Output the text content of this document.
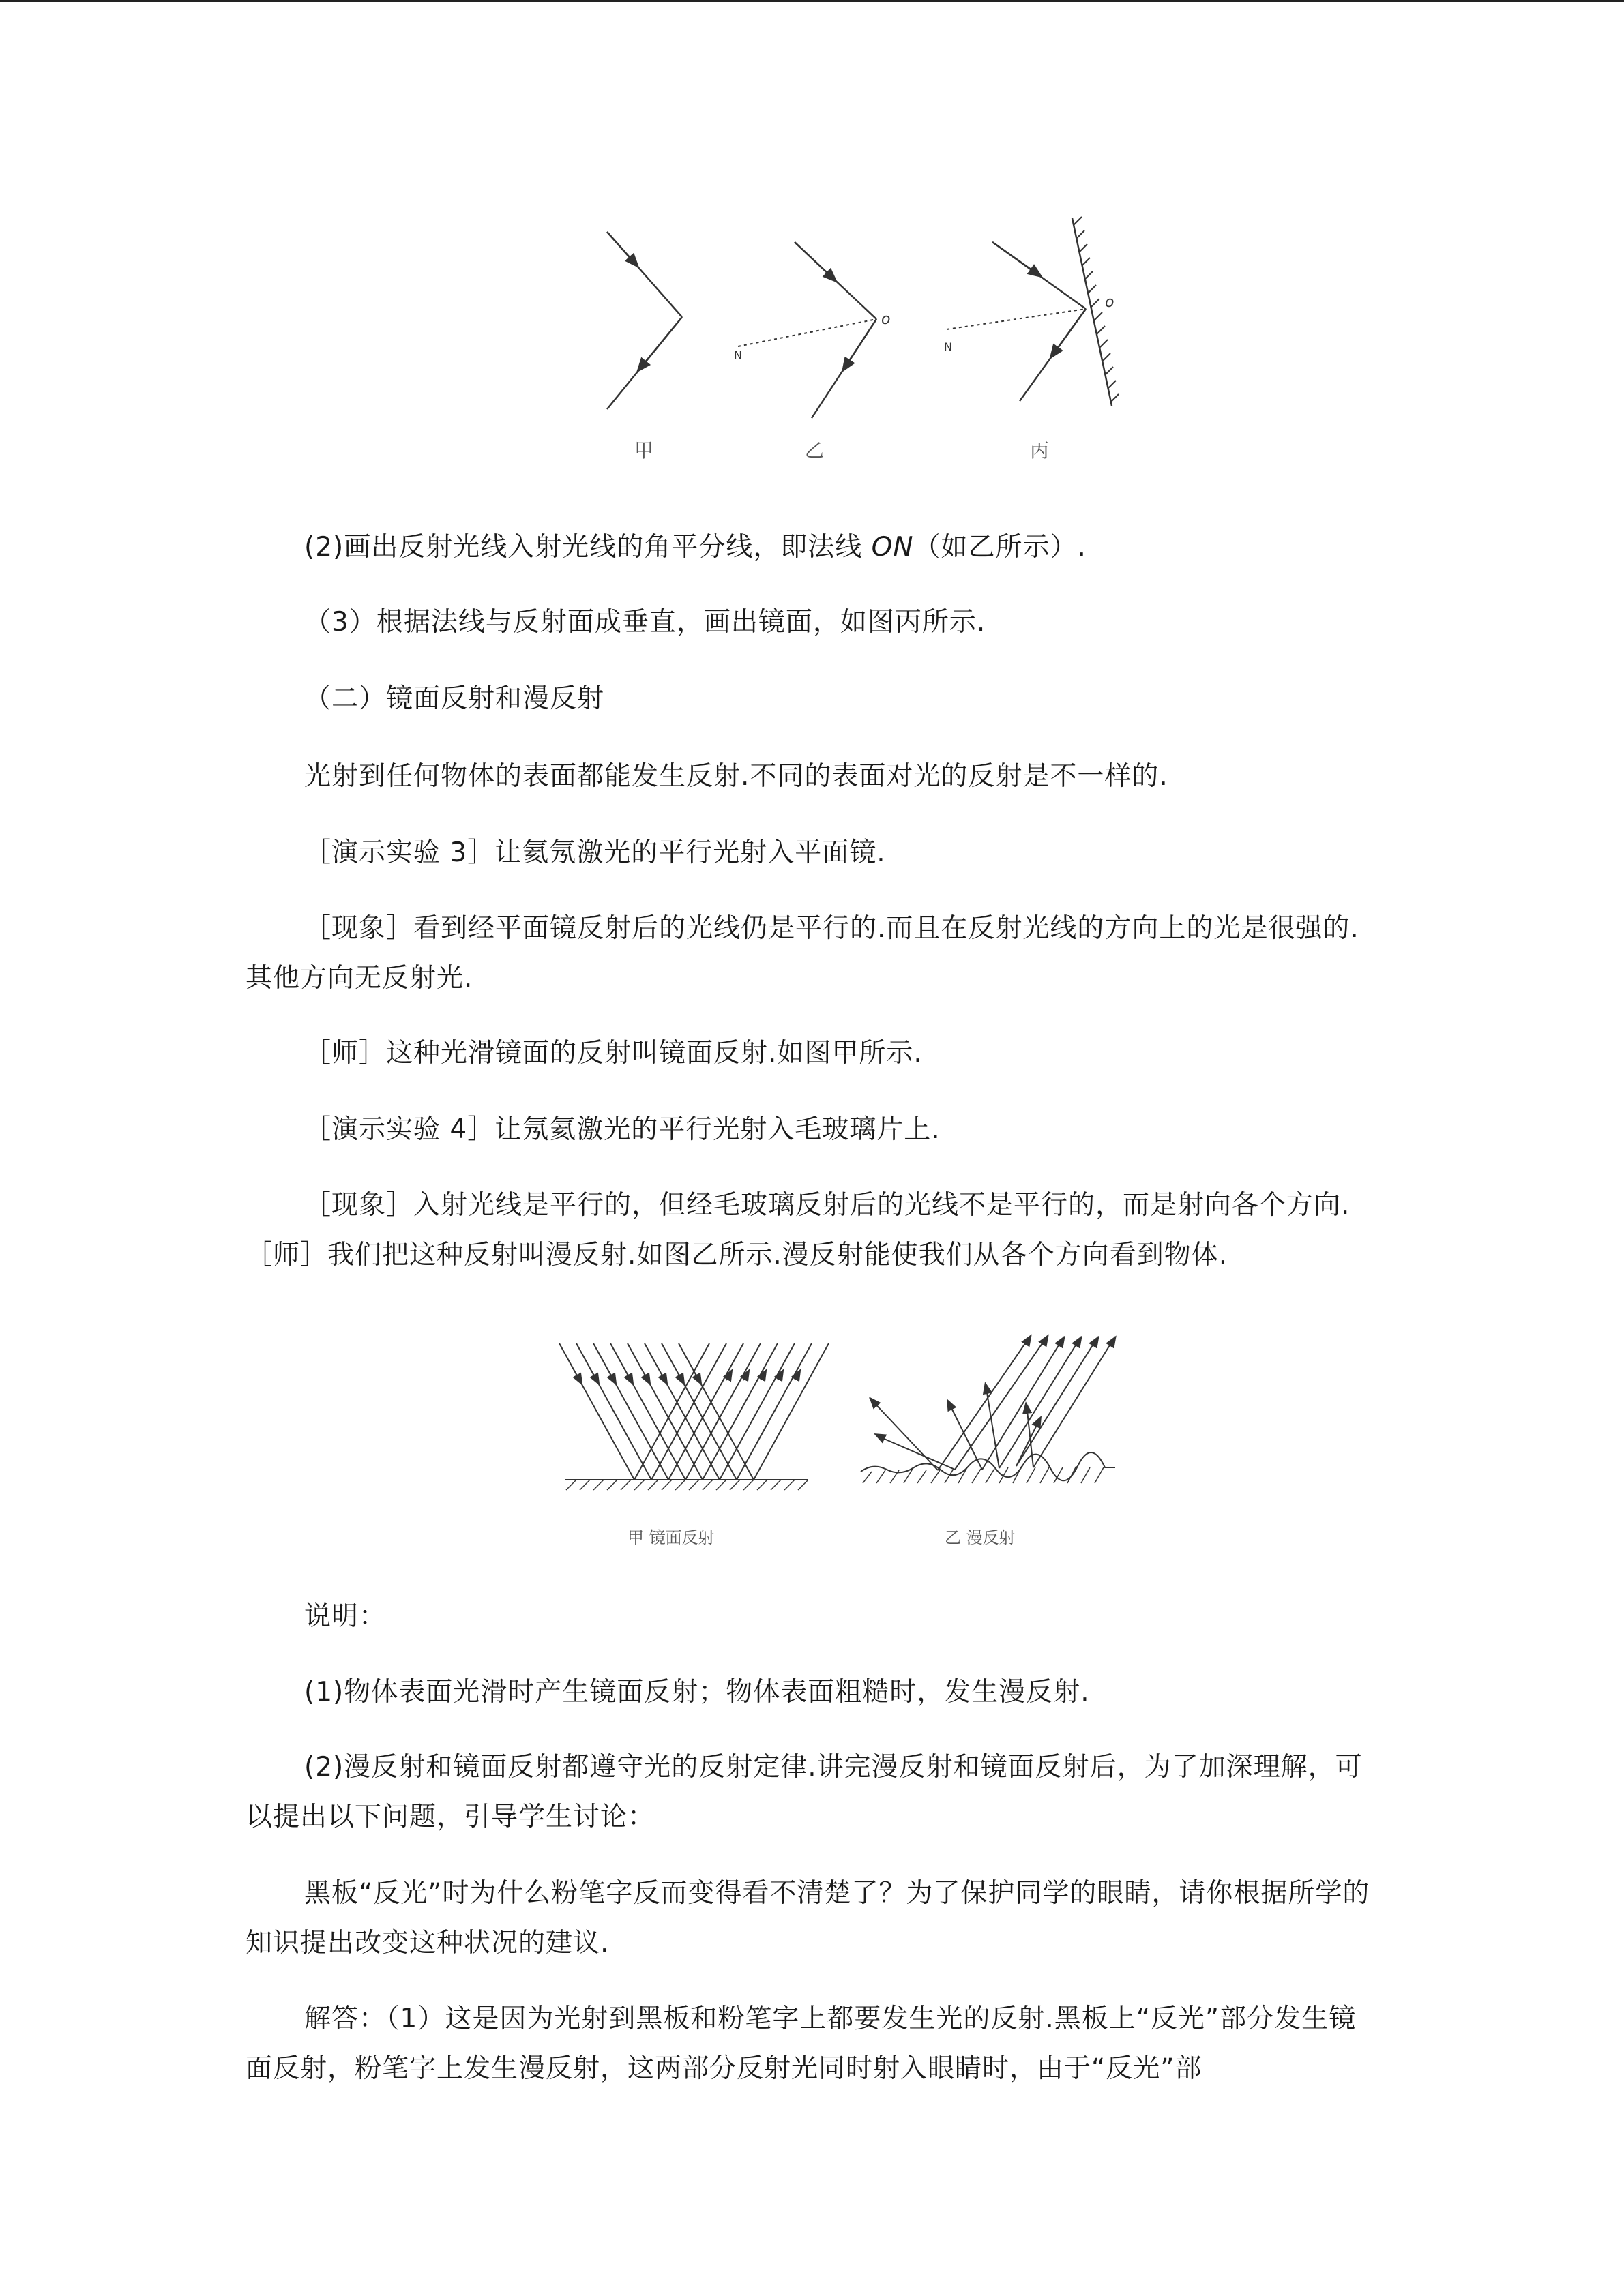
o
o
N
N
甲	乙	丙

(2)画出反射光线入射光线的角平分线，即法线 ON（如乙所示）.

（3）根据法线与反射面成垂直，画出镜面，如图丙所示.

（二）镜面反射和漫反射

光射到任何物体的表面都能发生反射.不同的表面对光的反射是不一样的.

［演示实验 3］让氦氖激光的平行光射入平面镜.

［现象］看到经平面镜反射后的光线仍是平行的.而且在反射光线的方向上的光是很强的.其他方向无反射光.

［师］这种光滑镜面的反射叫镜面反射.如图甲所示.

［演示实验 4］让氖氦激光的平行光射入毛玻璃片上.

［现象］入射光线是平行的，但经毛玻璃反射后的光线不是平行的，而是射向各个方向.［师］我们把这种反射叫漫反射.如图乙所示.漫反射能使我们从各个方向看到物体.

甲 镜面反射	乙 漫反射

说明：

(1)物体表面光滑时产生镜面反射；物体表面粗糙时，发生漫反射.

(2)漫反射和镜面反射都遵守光的反射定律.讲完漫反射和镜面反射后，为了加深理解，可以提出以下问题，引导学生讨论：

黑板“反光”时为什么粉笔字反而变得看不清楚了？为了保护同学的眼睛，请你根据所学的知识提出改变这种状况的建议.

解答：（1）这是因为光射到黑板和粉笔字上都要发生光的反射.黑板上“反光”部分发生镜面反射，粉笔字上发生漫反射，这两部分反射光同时射入眼睛时，由于“反光”部
